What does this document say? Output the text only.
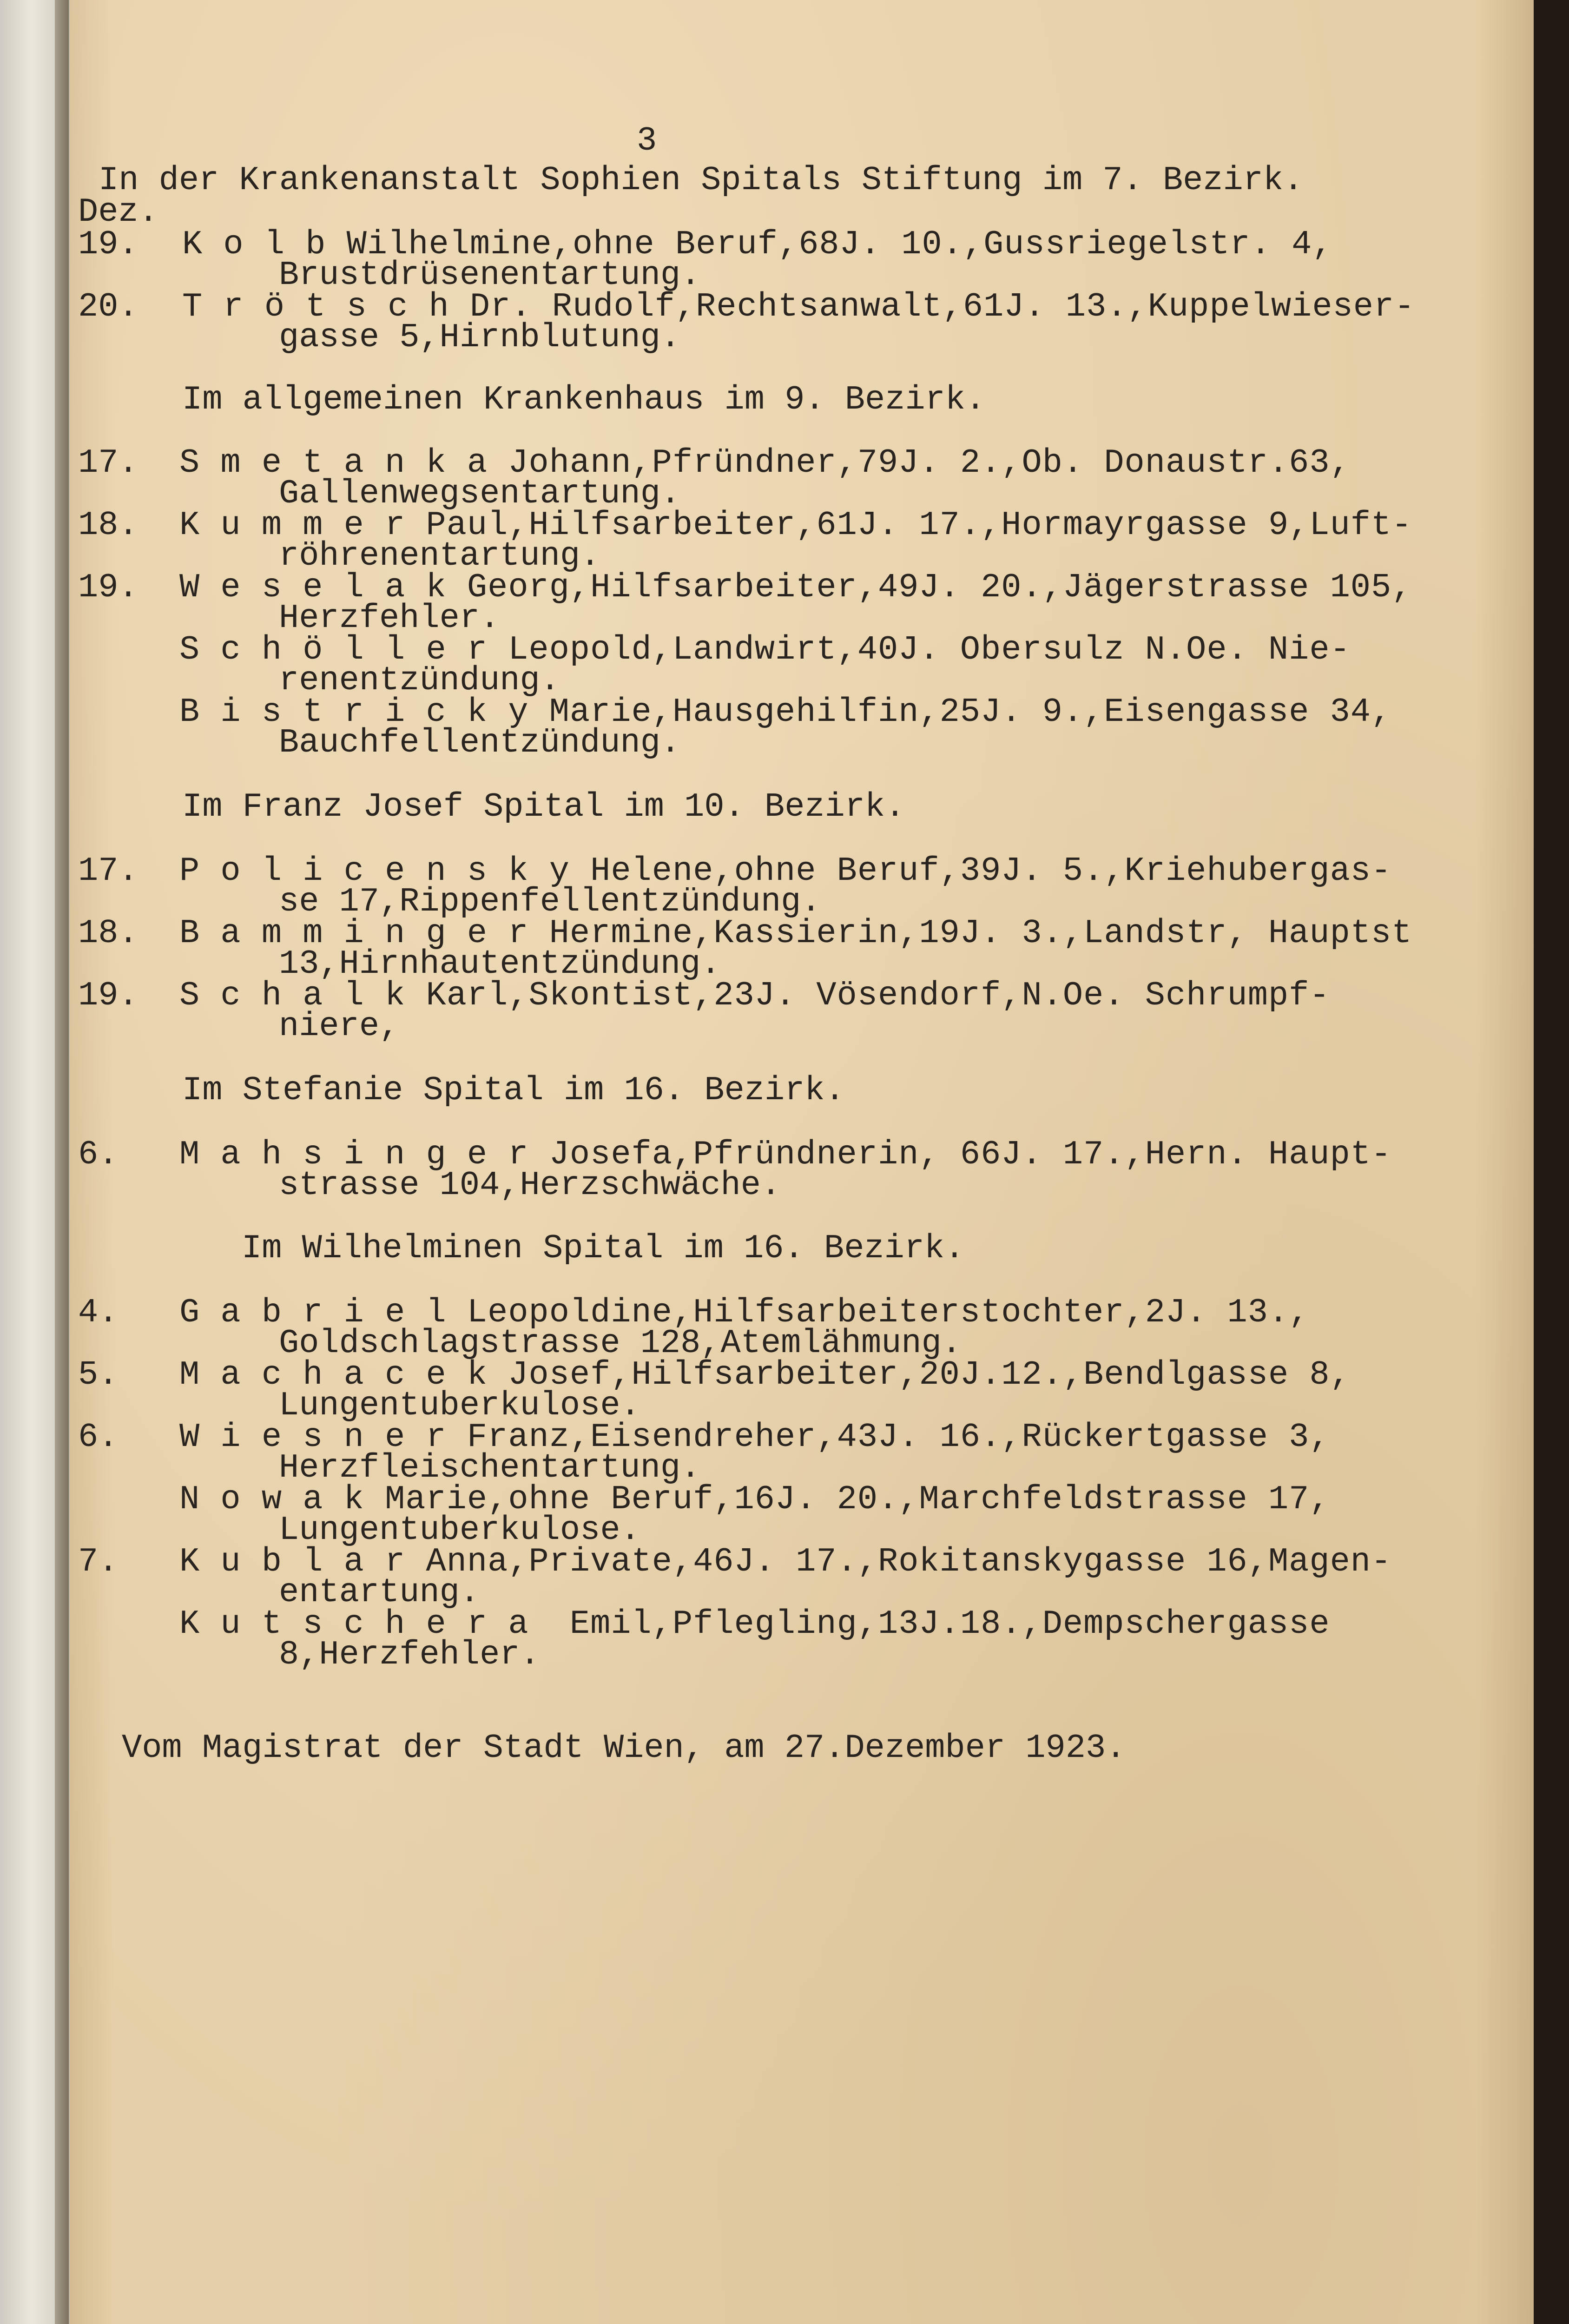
3
In der Krankenanstalt Sophien Spitals Stiftung im 7. Bezirk.
Dez.
19. K o l b Wilhelmine,ohne Beruf,68J. 10.,Gussriegelstr. 4,
Brustdrüsenentartung.
20. T r ö t s c h Dr. Rudolf,Rechtsanwalt,61J. 13.,Kuppelwieser-
gasse 5,Hirnblutung.
Im allgemeinen Krankenhaus im 9. Bezirk.
17. S m e t a n k a Johann,Pfründner,79J. 2.,Ob. Donaustr.63,
Gallenwegsentartung.
18. K u m m e r Paul,Hilfsarbeiter,61J. 17.,Hormayrgasse 9,Luft-
röhrenentartung.
19. W e s e l a k Georg,Hilfsarbeiter,49J. 20.,Jägerstrasse 105,
Herzfehler.
S c h ö l l e r Leopold,Landwirt,40J. Obersulz N.Oe. Nie-
renentzündung.
B i s t r i c k y Marie,Hausgehilfin,25J. 9.,Eisengasse 34,
Bauchfellentzündung.
Im Franz Josef Spital im 10. Bezirk.
17. P o l i c e n s k y Helene,ohne Beruf,39J. 5.,Kriehubergas-
se 17,Rippenfellentzündung.
18. B a m m i n g e r Hermine,Kassierin,19J. 3.,Landstr, Hauptst
13,Hirnhautentzündung.
19. S c h a l k Karl,Skontist,23J. Vösendorf,N.Oe. Schrumpf-
niere,
Im Stefanie Spital im 16. Bezirk.
6. M a h s i n g e r Josefa,Pfründnerin, 66J. 17.,Hern. Haupt-
strasse 104,Herzschwäche.
Im Wilhelminen Spital im 16. Bezirk.
4. G a b r i e l Leopoldine,Hilfsarbeiterstochter,2J. 13.,
Goldschlagstrasse 128,Atemlähmung.
5. M a c h a c e k Josef,Hilfsarbeiter,20J.12.,Bendlgasse 8,
Lungentuberkulose.
6. W i e s n e r Franz,Eisendreher,43J. 16.,Rückertgasse 3,
Herzfleischentartung.
N o w a k Marie,ohne Beruf,16J. 20.,Marchfeldstrasse 17,
Lungentuberkulose.
7. K u b l a r Anna,Private,46J. 17.,Rokitanskygasse 16,Magen-
entartung.
K u t s c h e r a  Emil,Pflegling,13J.18.,Dempschergasse
8,Herzfehler.
Vom Magistrat der Stadt Wien, am 27.Dezember 1923.
